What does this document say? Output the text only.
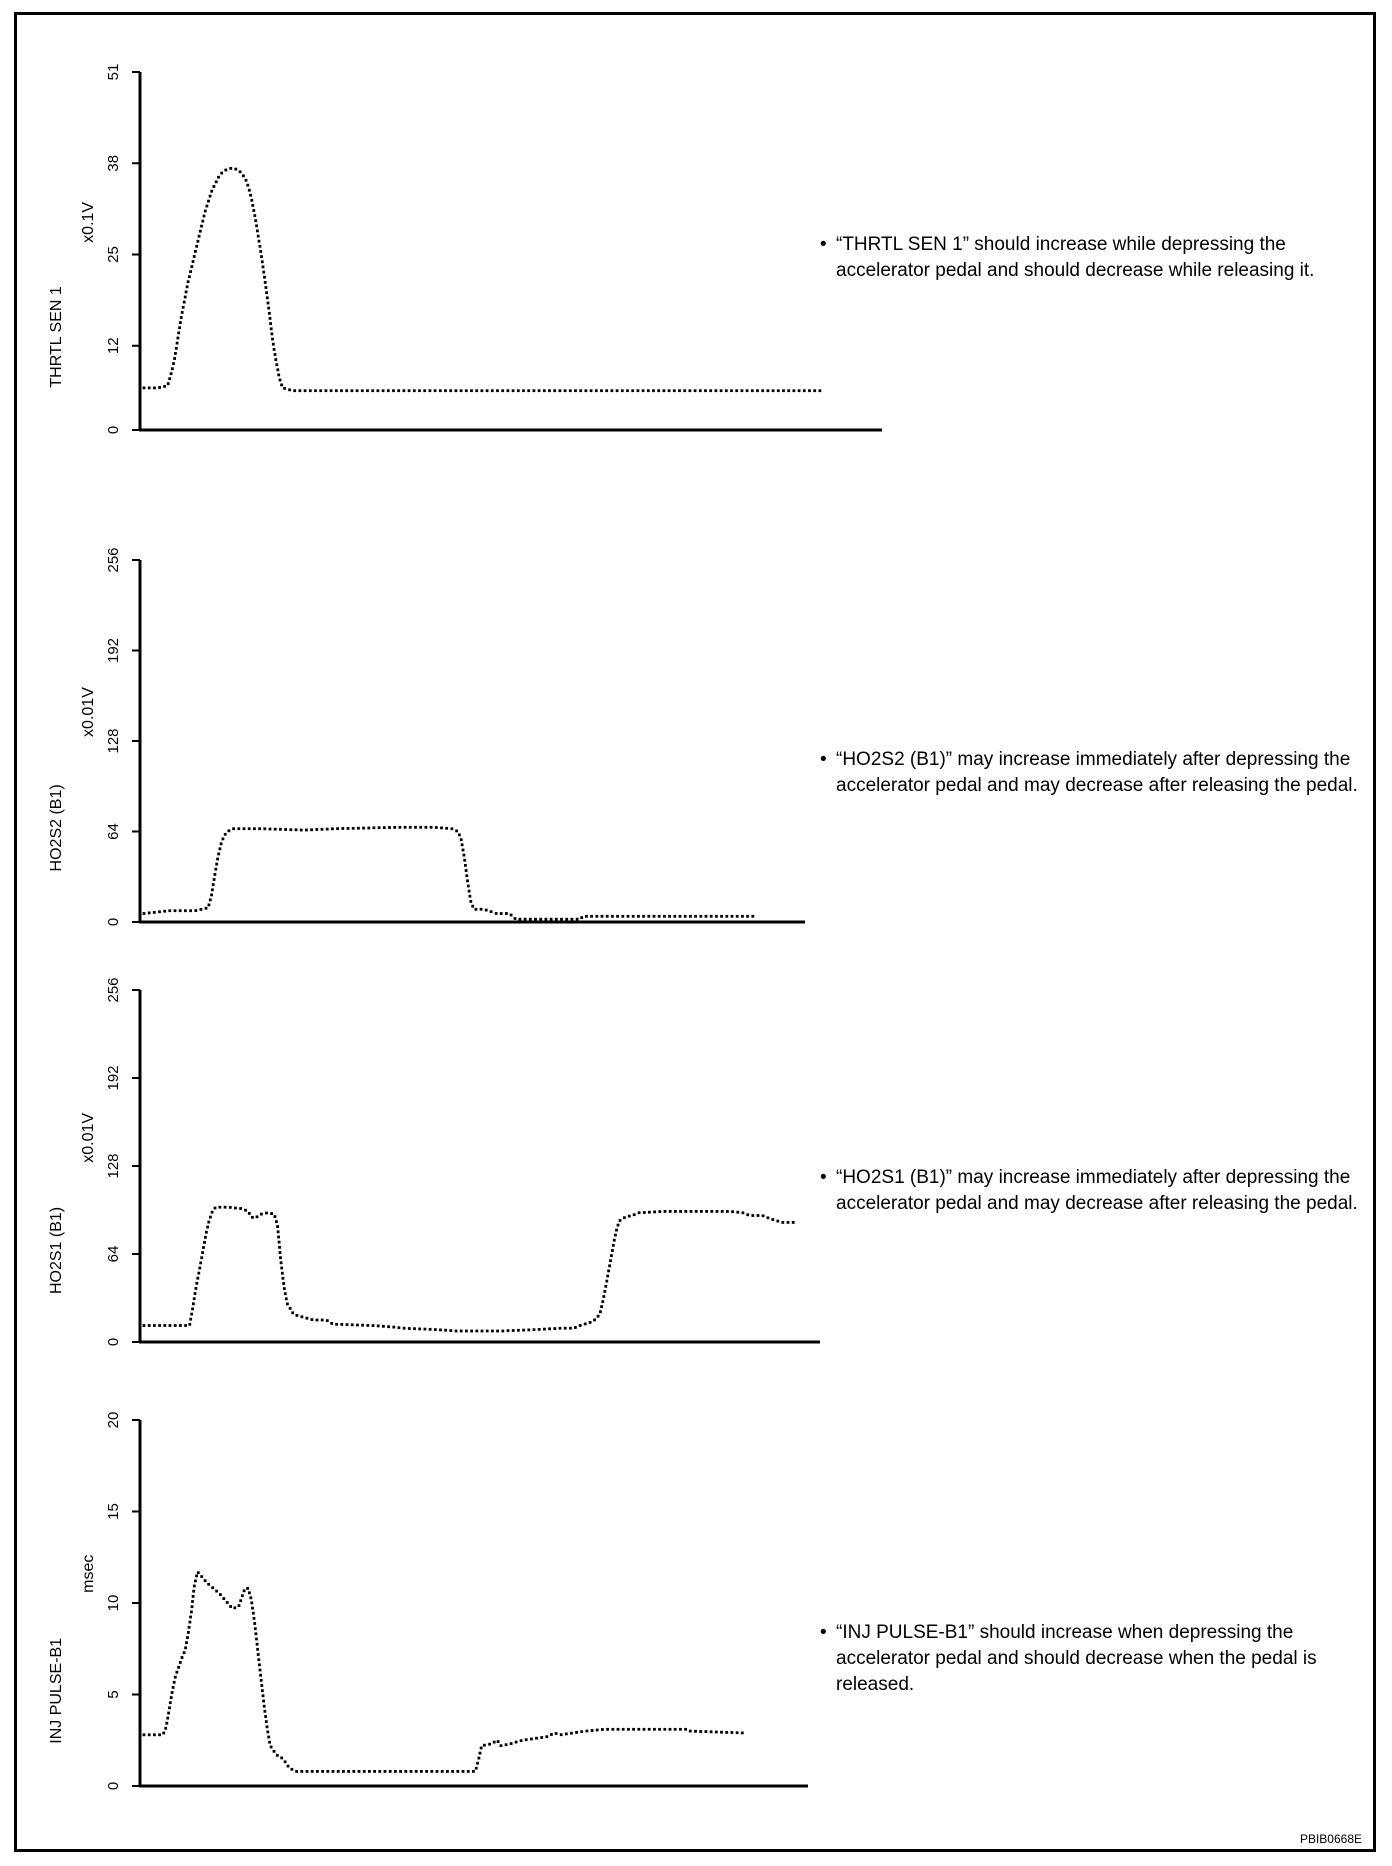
0
12
25
38
51
x0.1V
THRTL SEN 1
0
64
128
192
256
x0.01V
HO2S2 (B1)
0
64
128
192
256
x0.01V
HO2S1 (B1)
0
5
10
15
20
msec
INJ PULSE-B1
• “THRTL SEN 1” should increase while depressing the accelerator pedal and should decrease while releasing it.
• “HO2S2 (B1)” may increase immediately after depressing the accelerator pedal and may decrease after releasing the pedal.
• “HO2S1 (B1)” may increase immediately after depressing the accelerator pedal and may decrease after releasing the pedal.
• “INJ PULSE-B1” should increase when depressing the accelerator pedal and should decrease when the pedal is released.
PBIB0668E
